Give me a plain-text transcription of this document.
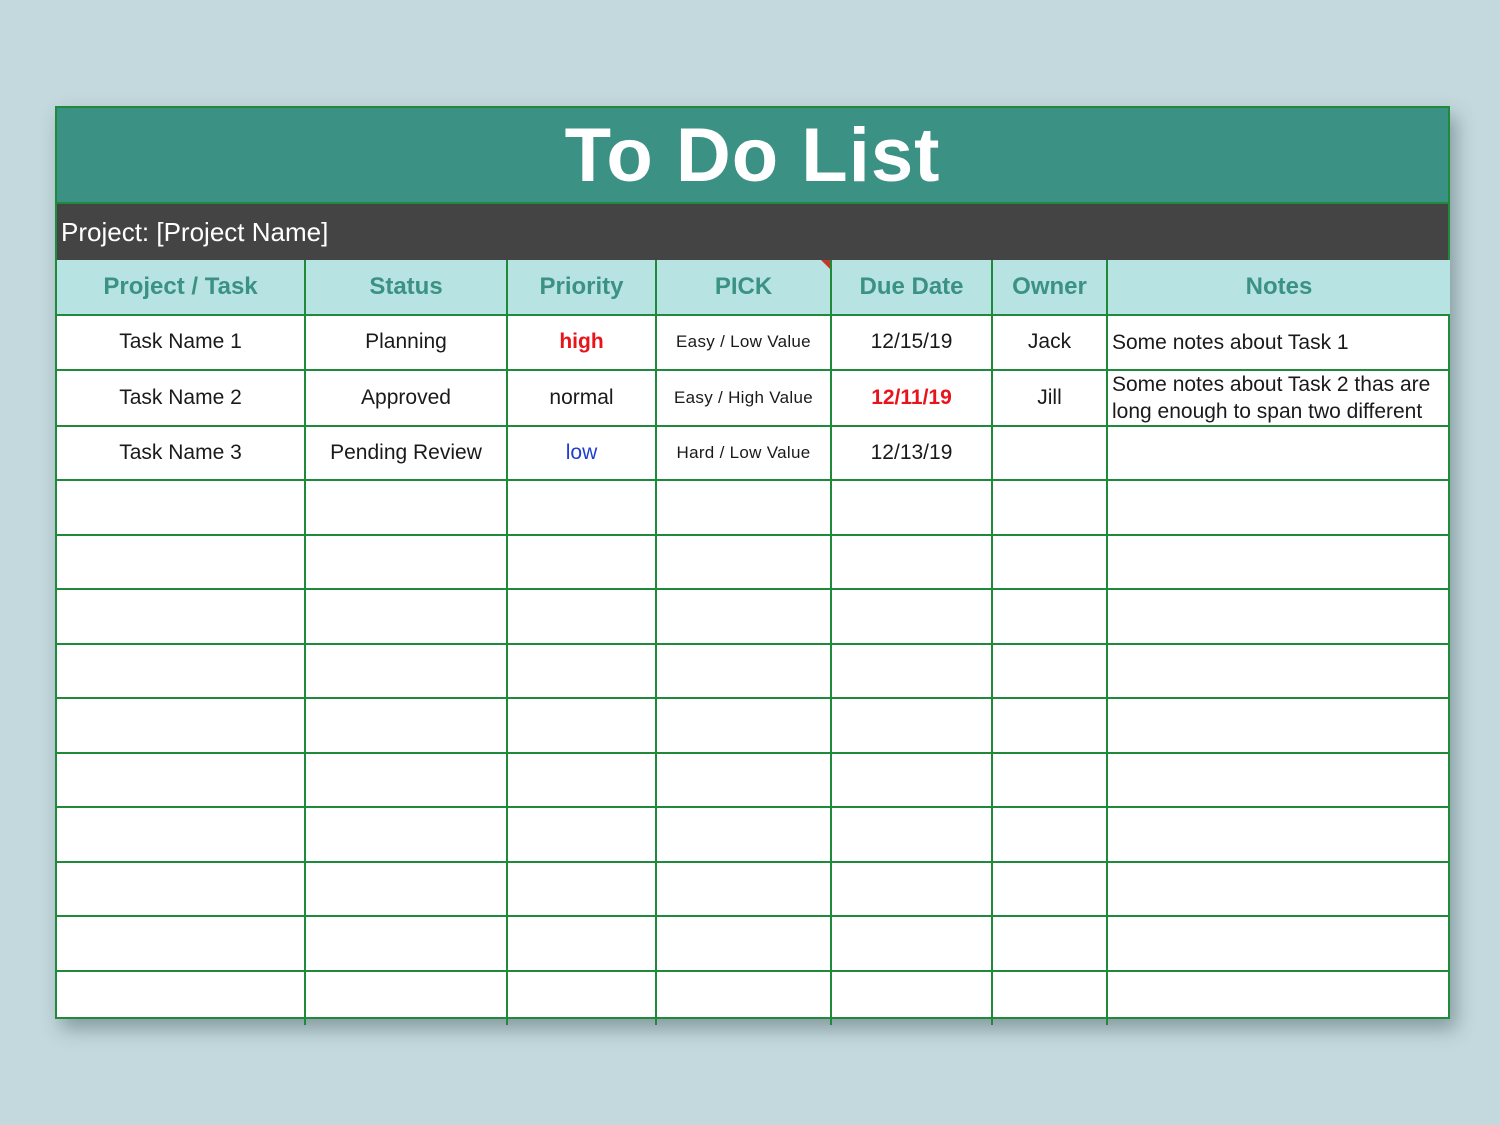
To Do List
Project: [Project Name]
Project / Task	Status	Priority	PICK	Due Date	Owner	Notes
Task Name 1	Planning	high	Easy / Low Value	12/15/19	Jack	Some notes about Task 1
Task Name 2	Approved	normal	Easy / High Value	12/11/19	Jill	Some notes about Task 2 thas are long enough to span two different
Task Name 3	Pending Review	low	Hard / Low Value	12/13/19		
